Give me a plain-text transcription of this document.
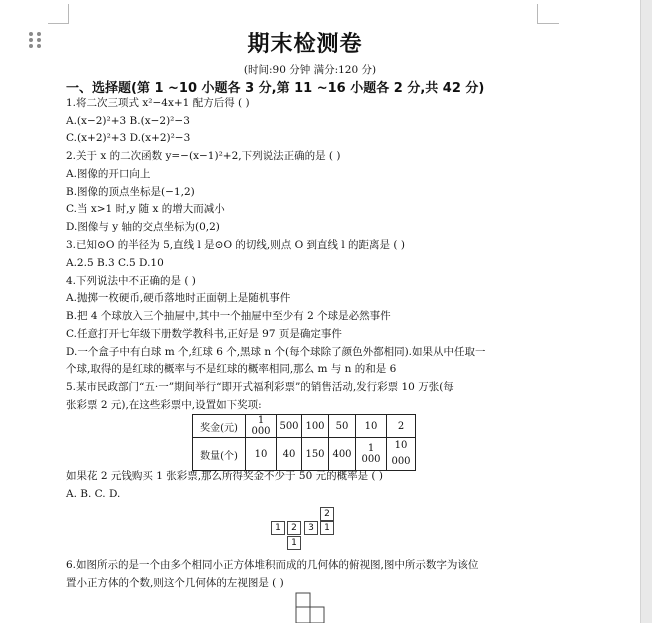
期末检测卷
(时间:90 分钟 满分:120 分)
一、选择题(第 1 ~10 小题各 3 分,第 11 ~16 小题各 2 分,共 42 分)
1.将二次三项式 x²−4x+1 配方后得 ( )
A.(x−2)²+3 B.(x−2)²−3
C.(x+2)²+3 D.(x+2)²−3
2.关于 x 的二次函数 y=−(x−1)²+2,下列说法正确的是 ( )
A.图像的开口向上
B.图像的顶点坐标是(−1,2)
C.当 x>1 时,y 随 x 的增大而减小
D.图像与 y 轴的交点坐标为(0,2)
3.已知⊙O 的半径为 5,直线 l 是⊙O 的切线,则点 O 到直线 l 的距离是 ( )
A.2.5 B.3 C.5 D.10
4.下列说法中不正确的是 ( )
A.抛掷一枚硬币,硬币落地时正面朝上是随机事件
B.把 4 个球放入三个抽屉中,其中一个抽屉中至少有 2 个球是必然事件
C.任意打开七年级下册数学教科书,正好是 97 页是确定事件
D.一个盒子中有白球 m 个,红球 6 个,黑球 n 个(每个球除了颜色外都相同).如果从中任取一
个球,取得的是红球的概率与不是红球的概率相同,那么 m 与 n 的和是 6
5.某市民政部门“五·一”期间举行“即开式福利彩票”的销售活动,发行彩票 10 万张(每
张彩票 2 元),在这些彩票中,设置如下奖项:
奖金(元)	1 000	500	100	50	10	2
数量(个)	10	40	150	400	1 000	10 000
如果花 2 元钱购买 1 张彩票,那么所得奖金不少于 50 元的概率是 ( )
A. B. C. D.
2
1	2	3	1
1
6.如图所示的是一个由多个相同小正方体堆积而成的几何体的俯视图,图中所示数字为该位
置小正方体的个数,则这个几何体的左视图是 ( )
